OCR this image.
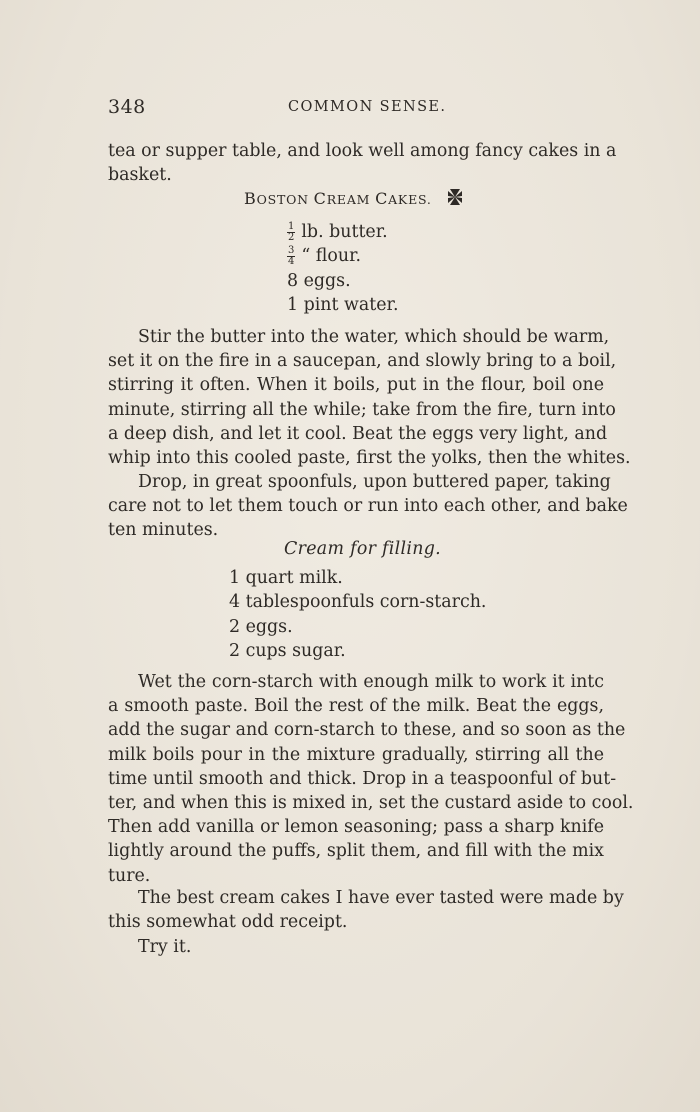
348	COMMON SENSE.
tea or supper table, and look well among fancy cakes in a
basket.
BOSTON CREAM CAKES.
$\frac{1}{2}$ lb. butter.
$\frac{3}{4}$ “ flour.
8 eggs.
1 pint water.
Stir the butter into the water, which should be warm,
set it on the fire in a saucepan, and slowly bring to a boil,
stirring it often. When it boils, put in the flour, boil one
minute, stirring all the while; take from the fire, turn into
a deep dish, and let it cool. Beat the eggs very light, and
whip into this cooled paste, first the yolks, then the whites.
Drop, in great spoonfuls, upon buttered paper, taking
care not to let them touch or run into each other, and bake
ten minutes.
Cream for filling.
1 quart milk.
4 tablespoonfuls corn-starch.
2 eggs.
2 cups sugar.
Wet the corn-starch with enough milk to work it intc
a smooth paste. Boil the rest of the milk. Beat the eggs,
add the sugar and corn-starch to these, and so soon as the
milk boils pour in the mixture gradually, stirring all the
time until smooth and thick. Drop in a teaspoonful of but-
ter, and when this is mixed in, set the custard aside to cool.
Then add vanilla or lemon seasoning; pass a sharp knife
lightly around the puffs, split them, and fill with the mix
ture.
The best cream cakes I have ever tasted were made by
this somewhat odd receipt.
Try it.
